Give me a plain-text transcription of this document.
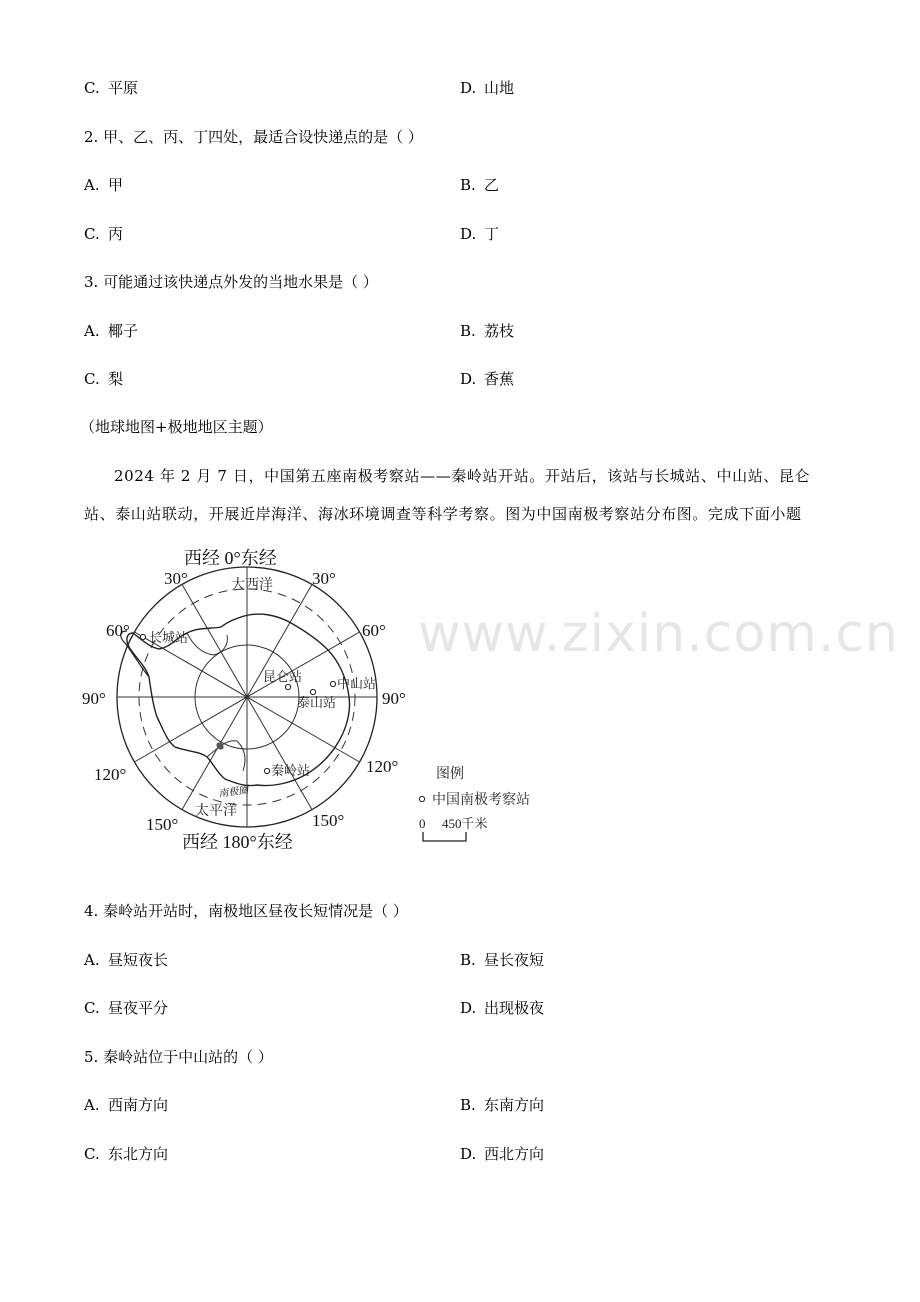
C. 平原	D. 山地
2. 甲、乙、丙、丁四处，最适合设快递点的是（ ）
A. 甲	B. 乙
C. 丙	D. 丁
3. 可能通过该快递点外发的当地水果是（ ）
A. 椰子	B. 荔枝
C. 梨	D. 香蕉
（地球地图+极地地区主题）
2024 年 2 月 7 日，中国第五座南极考察站——秦岭站开站。开站后，该站与长城站、中山站、昆仑
站、泰山站联动，开展近岸海洋、海冰环境调查等科学考察。图为中国南极考察站分布图。完成下面小题
www.zixin.com.cn
长城站
昆仑站	中山站
泰山站
秦岭站
大西洋
太平洋
南极圈
西经 0°东经
西经 180°东经
30°	30°
60°	60°
90°	90°
120°	120°
150°	150°
图例
中国南极考察站
0 450千米
4. 秦岭站开站时，南极地区昼夜长短情况是（ ）
A. 昼短夜长	B. 昼长夜短
C. 昼夜平分	D. 出现极夜
5. 秦岭站位于中山站的（ ）
A. 西南方向	B. 东南方向
C. 东北方向	D. 西北方向
